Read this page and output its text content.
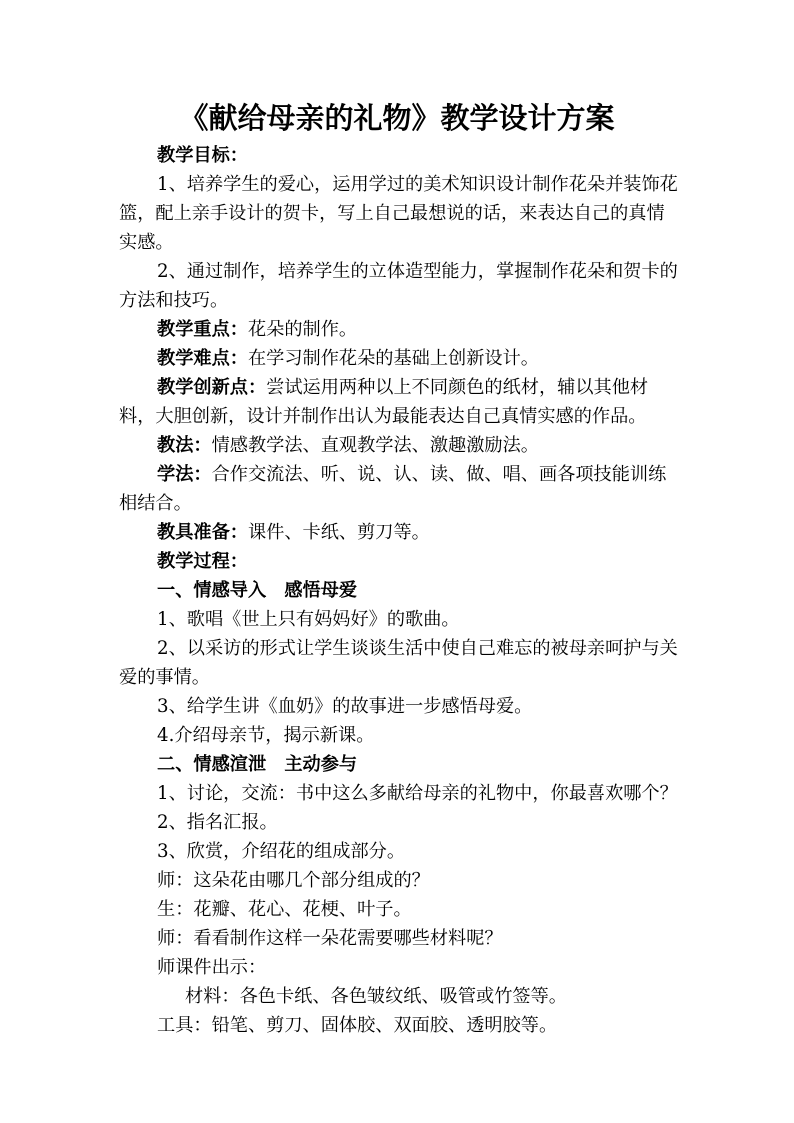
《献给母亲的礼物》教学设计方案

教学目标：

1、培养学生的爱心，运用学过的美术知识设计制作花朵并装饰花篮，配上亲手设计的贺卡，写上自己最想说的话，来表达自己的真情实感。

2、通过制作，培养学生的立体造型能力，掌握制作花朵和贺卡的方法和技巧。

教学重点：花朵的制作。

教学难点：在学习制作花朵的基础上创新设计。

教学创新点：尝试运用两种以上不同颜色的纸材，辅以其他材料，大胆创新，设计并制作出认为最能表达自己真情实感的作品。

教法：情感教学法、直观教学法、激趣激励法。

学法：合作交流法、听、说、认、读、做、唱、画各项技能训练相结合。

教具准备：课件、卡纸、剪刀等。

教学过程：

一、情感导入　感悟母爱

1、歌唱《世上只有妈妈好》的歌曲。

2、以采访的形式让学生谈谈生活中使自己难忘的被母亲呵护与关爱的事情。

3、给学生讲《血奶》的故事进一步感悟母爱。

4.介绍母亲节，揭示新课。

二、情感渲泄　主动参与

1、讨论，交流：书中这么多献给母亲的礼物中，你最喜欢哪个？

2、指名汇报。

3、欣赏，介绍花的组成部分。

师：这朵花由哪几个部分组成的？

生：花瓣、花心、花梗、叶子。

师：看看制作这样一朵花需要哪些材料呢？

师课件出示：

材料：各色卡纸、各色皱纹纸、吸管或竹签等。

工具：铅笔、剪刀、固体胶、双面胶、透明胶等。
